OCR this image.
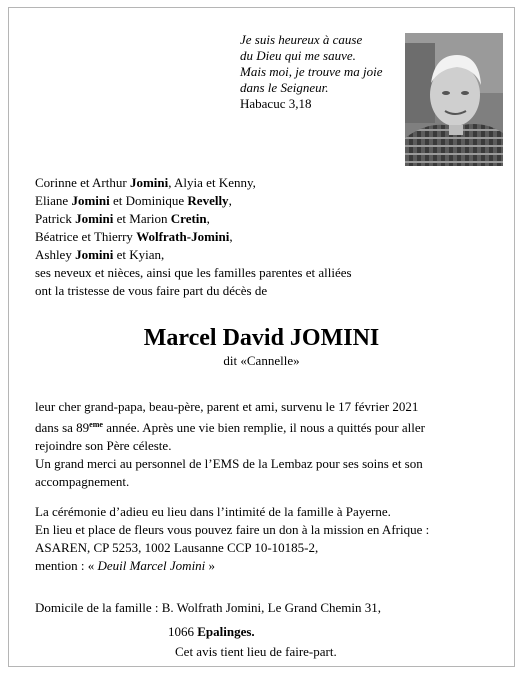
Je suis heureux à cause
du Dieu qui me sauve.
Mais moi, je trouve ma joie
dans le Seigneur.
Habacuc 3,18
Corinne et Arthur Jomini, Alyia et Kenny,
Eliane Jomini et Dominique Revelly,
Patrick Jomini et Marion Cretin,
Béatrice et Thierry Wolfrath-Jomini,
Ashley Jomini et Kyian,
ses neveux et nièces, ainsi que les familles parentes et alliées
ont la tristesse de vous faire part du décès de
Marcel David JOMINI
dit «Cannelle»
leur cher grand-papa, beau-père, parent et ami, survenu le 17 février 2021
dans sa 89eme année. Après une vie bien remplie, il nous a quittés pour aller
rejoindre son Père céleste.
Un grand merci au personnel de l’EMS de la Lembaz pour ses soins et son
accompagnement.
La cérémonie d’adieu eu lieu dans l’intimité de la famille à Payerne.
En lieu et place de fleurs vous pouvez faire un don à la mission en Afrique :
ASAREN, CP 5253, 1002 Lausanne CCP 10-10185-2,
mention : « Deuil Marcel Jomini »
Domicile de la famille : B. Wolfrath Jomini, Le Grand Chemin 31,
1066 Epalinges.
Cet avis tient lieu de faire-part.
